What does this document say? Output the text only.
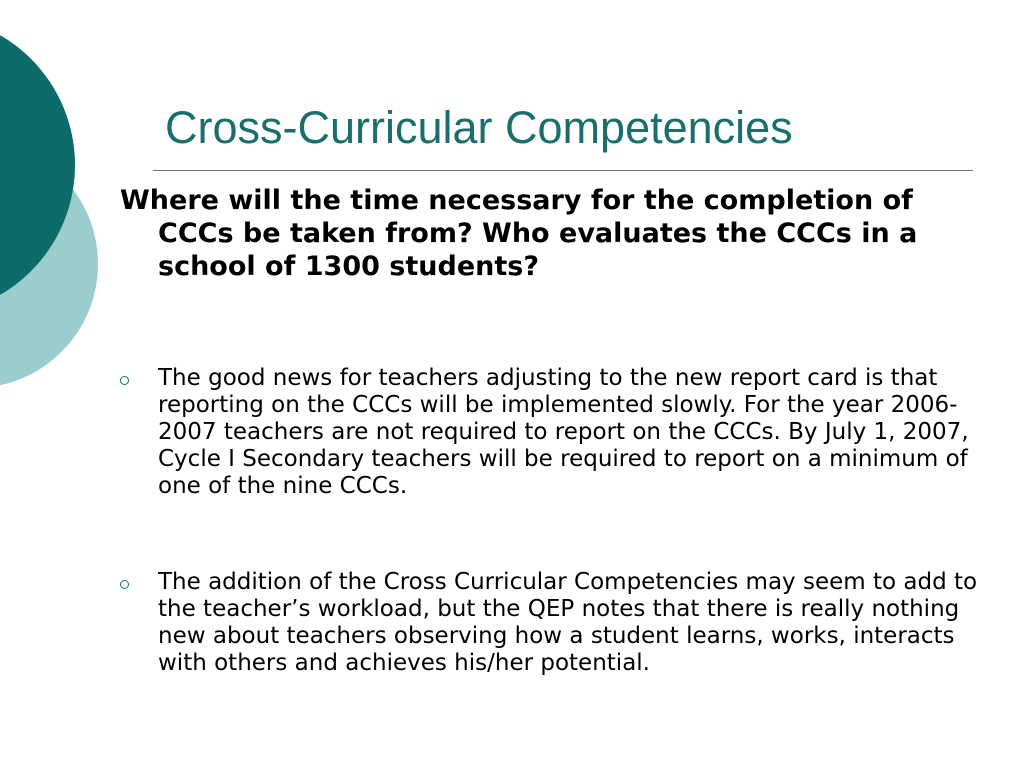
Cross-Curricular Competencies

Where will the time necessary for the completion of CCCs be taken from? Who evaluates the CCCs in a school of 1300 students?

The good news for teachers adjusting to the new report card is that reporting on the CCCs will be implemented slowly. For the year 2006-2007 teachers are not required to report on the CCCs. By July 1, 2007, Cycle I Secondary teachers will be required to report on a minimum of one of the nine CCCs.

The addition of the Cross Curricular Competencies may seem to add to the teacher’s workload, but the QEP notes that there is really nothing new about teachers observing how a student learns, works, interacts with others and achieves his/her potential.
